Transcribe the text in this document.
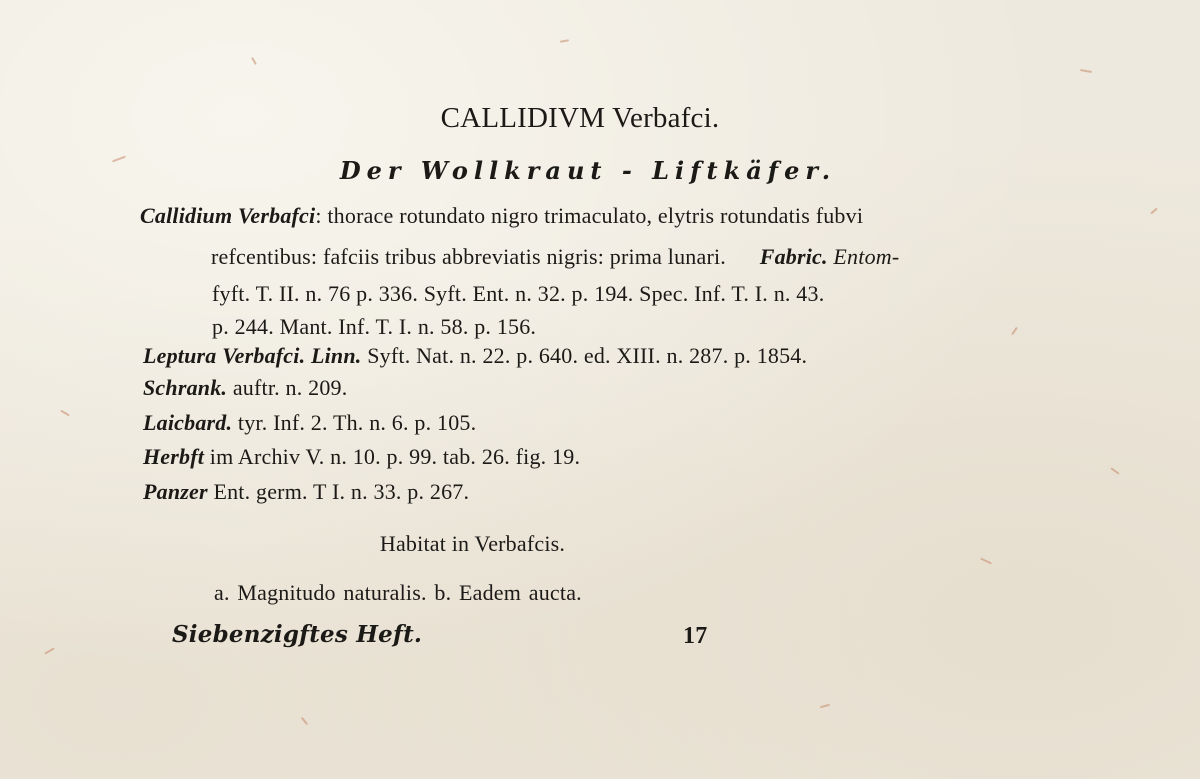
CALLIDIVM Verbafci.
Der Wollkraut - Liftkäfer.
Callidium Verbafci: thorace rotundato nigro trimaculato, elytris rotundatis fubvi
refcentibus: fafciis tribus abbreviatis nigris: prima lunari. Fabric. Entom-
fyft. T. II. n. 76 p. 336. Syft. Ent. n. 32. p. 194. Spec. Inf. T. I. n. 43.
p. 244. Mant. Inf. T. I. n. 58. p. 156.
Leptura Verbafci. Linn. Syft. Nat. n. 22. p. 640. ed. XIII. n. 287. p. 1854.
Schrank. auftr. n. 209.
Laicbard. tyr. Inf. 2. Th. n. 6. p. 105.
Herbft im Archiv V. n. 10. p. 99. tab. 26. fig. 19.
Panzer Ent. germ. T I. n. 33. p. 267.
Habitat in Verbafcis.
a. Magnitudo naturalis. b. Eadem aucta.
Siebenzigftes Heft.	17
